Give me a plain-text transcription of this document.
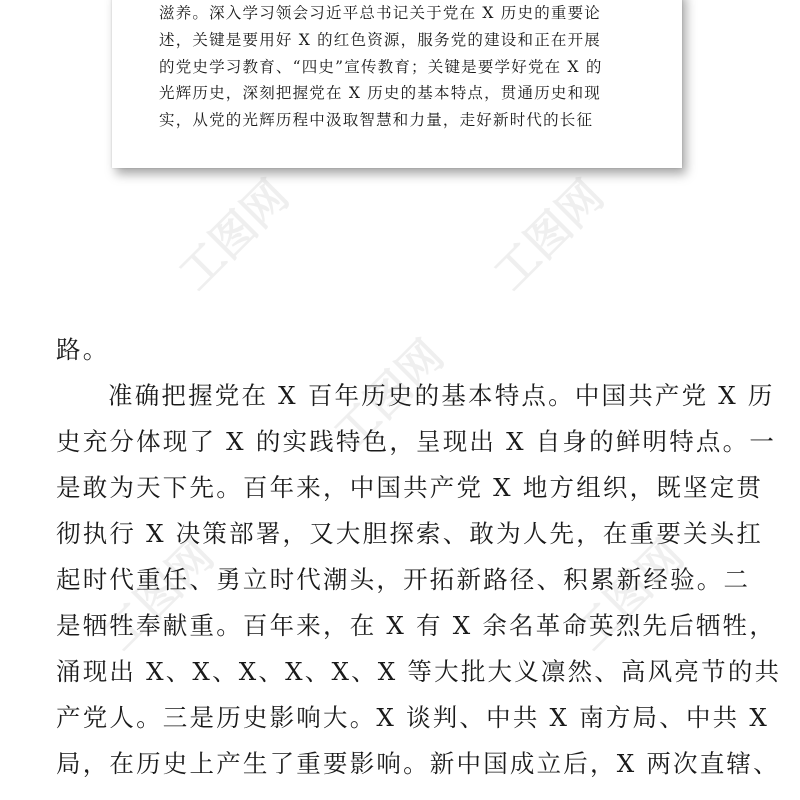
工图网	工图网
工图网
工图网	工图网

滋养。深入学习领会习近平总书记关于党在 X 历史的重要论
述，关键是要用好 X 的红色资源，服务党的建设和正在开展
的党史学习教育、“四史”宣传教育；关键是要学好党在 X 的
光辉历史，深刻把握党在 X 历史的基本特点，贯通历史和现
实，从党的光辉历程中汲取智慧和力量，走好新时代的长征

路。
准确把握党在 X 百年历史的基本特点。中国共产党 X 历
史充分体现了 X 的实践特色，呈现出 X 自身的鲜明特点。一
是敢为天下先。百年来，中国共产党 X 地方组织，既坚定贯
彻执行 X 决策部署，又大胆探索、敢为人先，在重要关头扛
起时代重任、勇立时代潮头，开拓新路径、积累新经验。二
是牺牲奉献重。百年来，在 X 有 X 余名革命英烈先后牺牲，
涌现出 X、X、X、X、X、X 等大批大义凛然、高风亮节的共
产党人。三是历史影响大。X 谈判、中共 X 南方局、中共 X
局，在历史上产生了重要影响。新中国成立后，X 两次直辖、
